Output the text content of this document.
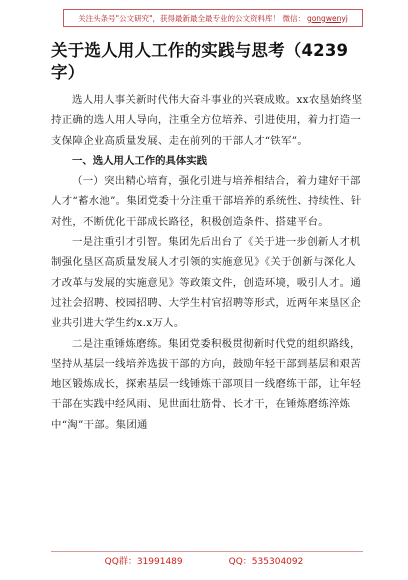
关注头条号"公文研究"，获得最新最全最专业的公文资料库！ 微信： gongwenyj
关于选人用人工作的实践与思考（4239字）

选人用人事关新时代伟大奋斗事业的兴衰成败。xx农垦始终坚持正确的选人用人导向，注重全方位培养、引进使用，着力打造一支保障企业高质量发展、走在前列的干部人才“铁军”。

一、选人用人工作的具体实践

（一）突出精心培育，强化引进与培养相结合，着力建好干部人才“蓄水池”。集团党委十分注重干部培养的系统性、持续性、针对性，不断优化干部成长路径，积极创造条件、搭建平台。

一是注重引才引智。集团先后出台了《关于进一步创新人才机制强化垦区高质量发展人才引领的实施意见》《关于创新与深化人才改革与发展的实施意见》等政策文件，创造环境，吸引人才。通过社会招聘、校园招聘、大学生村官招聘等形式，近两年来垦区企业共引进大学生约x.x万人。

二是注重锤炼磨练。集团党委积极贯彻新时代党的组织路线，坚持从基层一线培养选拔干部的方向，鼓励年轻干部到基层和艰苦地区锻炼成长，探索基层一线锤炼干部项目一线磨练干部，让年轻干部在实践中经风雨、见世面壮筋骨、长才干，在锤炼磨练淬炼中“淘”干部。集团通

QQ群：31991489	QQ：535304092
